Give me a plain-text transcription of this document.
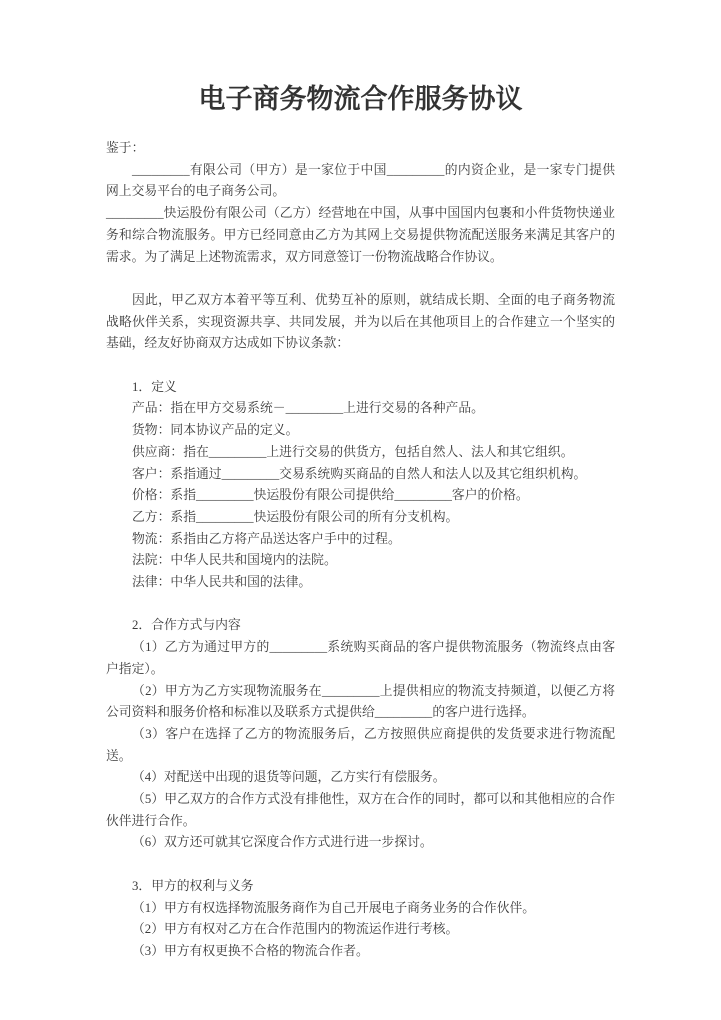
电子商务物流合作服务协议
鉴于：
_________有限公司（甲方）是一家位于中国_________的内资企业，是一家专门提供网上交易平台的电子商务公司。
_________快运股份有限公司（乙方）经营地在中国，从事中国国内包裹和小件货物快递业务和综合物流服务。甲方已经同意由乙方为其网上交易提供物流配送服务来满足其客户的需求。为了满足上述物流需求，双方同意签订一份物流战略合作协议。
因此，甲乙双方本着平等互利、优势互补的原则，就结成长期、全面的电子商务物流战略伙伴关系，实现资源共享、共同发展，并为以后在其他项目上的合作建立一个坚实的基础，经友好协商双方达成如下协议条款：
1．定义
产品：指在甲方交易系统－_________上进行交易的各种产品。
货物：同本协议产品的定义。
供应商：指在_________上进行交易的供货方，包括自然人、法人和其它组织。
客户：系指通过_________交易系统购买商品的自然人和法人以及其它组织机构。
价格：系指_________快运股份有限公司提供给_________客户的价格。
乙方：系指_________快运股份有限公司的所有分支机构。
物流：系指由乙方将产品送达客户手中的过程。
法院：中华人民共和国境内的法院。
法律：中华人民共和国的法律。
2．合作方式与内容
（1）乙方为通过甲方的_________系统购买商品的客户提供物流服务（物流终点由客户指定）。
（2）甲方为乙方实现物流服务在_________上提供相应的物流支持频道，以便乙方将公司资料和服务价格和标准以及联系方式提供给_________的客户进行选择。
（3）客户在选择了乙方的物流服务后，乙方按照供应商提供的发货要求进行物流配送。
（4）对配送中出现的退货等问题，乙方实行有偿服务。
（5）甲乙双方的合作方式没有排他性，双方在合作的同时，都可以和其他相应的合作伙伴进行合作。
（6）双方还可就其它深度合作方式进行进一步探讨。
3．甲方的权利与义务
（1）甲方有权选择物流服务商作为自己开展电子商务业务的合作伙伴。
（2）甲方有权对乙方在合作范围内的物流运作进行考核。
（3）甲方有权更换不合格的物流合作者。
